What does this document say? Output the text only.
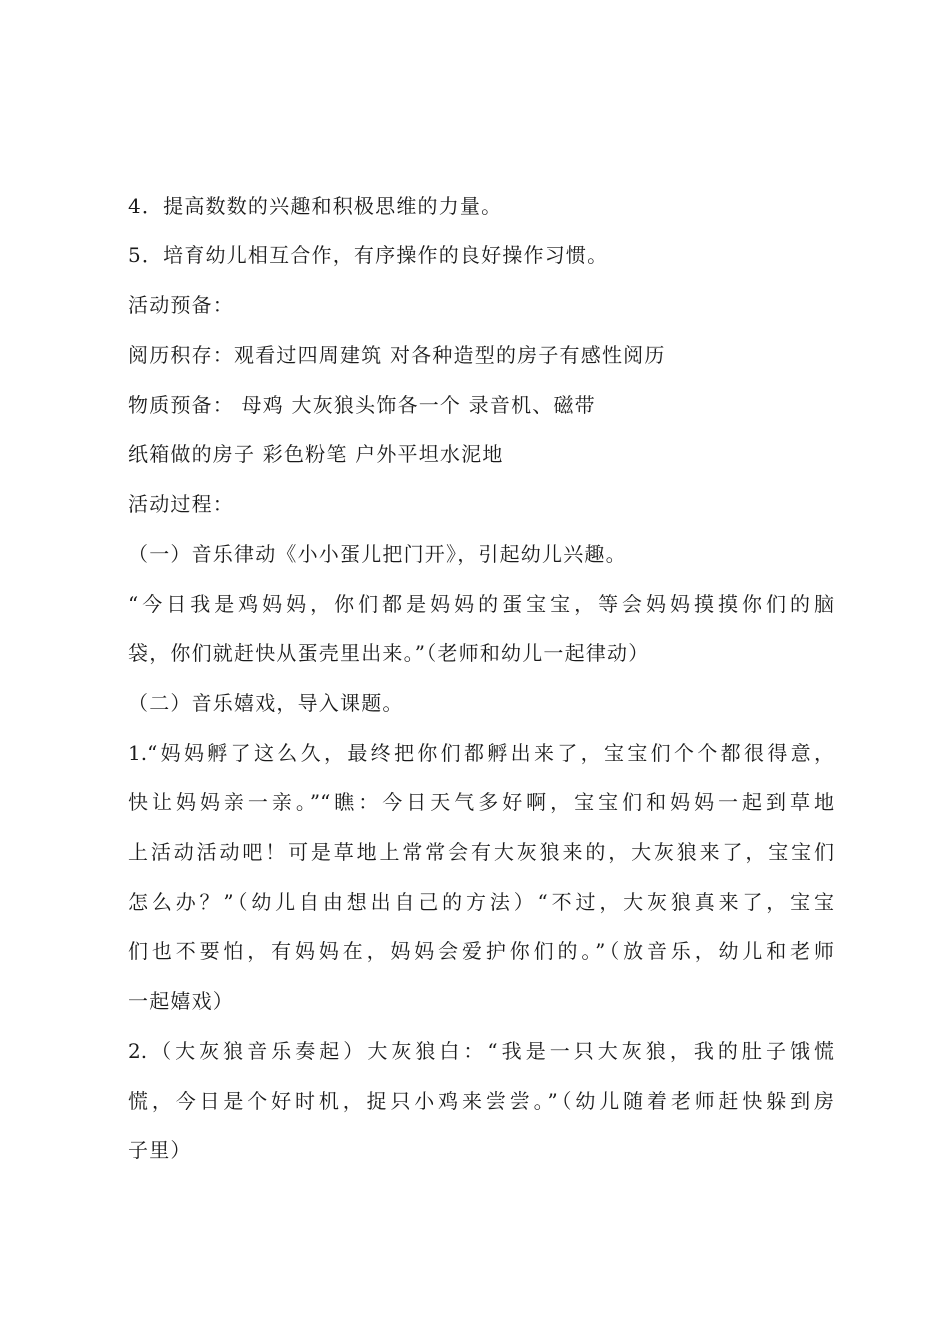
4．提高数数的兴趣和积极思维的力量。

5．培育幼儿相互合作，有序操作的良好操作习惯。

活动预备：

阅历积存：观看过四周建筑 对各种造型的房子有感性阅历

物质预备： 母鸡 大灰狼头饰各一个 录音机、磁带

纸箱做的房子 彩色粉笔 户外平坦水泥地

活动过程：

（一）音乐律动《小小蛋儿把门开》，引起幼儿兴趣。

“今日我是鸡妈妈，你们都是妈妈的蛋宝宝，等会妈妈摸摸你们的脑

袋，你们就赶快从蛋壳里出来。”（老师和幼儿一起律动）

（二）音乐嬉戏，导入课题。

1.“妈妈孵了这么久，最终把你们都孵出来了，宝宝们个个都很得意，

快让妈妈亲一亲。”“瞧：今日天气多好啊，宝宝们和妈妈一起到草地

上活动活动吧！可是草地上常常会有大灰狼来的，大灰狼来了，宝宝们

怎么办？”（幼儿自由想出自己的方法）“不过，大灰狼真来了，宝宝

们也不要怕，有妈妈在，妈妈会爱护你们的。”（放音乐，幼儿和老师

一起嬉戏）

2.（大灰狼音乐奏起）大灰狼白：“我是一只大灰狼，我的肚子饿慌

慌，今日是个好时机，捉只小鸡来尝尝。”（幼儿随着老师赶快躲到房

子里）
